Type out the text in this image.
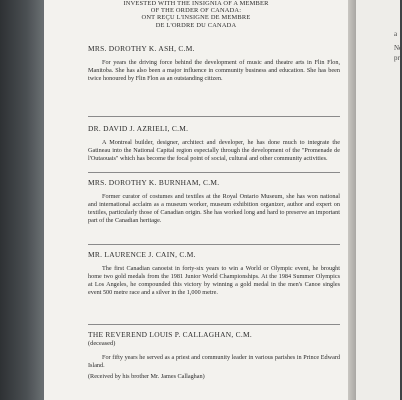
INVESTED WITH THE INSIGNIA OF A MEMBER
OF THE ORDER OF CANADA:
ONT REÇU L'INSIGNE DE MEMBRE
DE L'ORDRE DU CANADA
MRS. DOROTHY K. ASH, C.M.
For years the driving force behind the development of music and theatre arts in Flin Flon, Manitoba. She has also been a major influence in community business and education. She has been twice honoured by Flin Flon as an outstanding citizen.
DR. DAVID J. AZRIELI, C.M.
A Montreal builder, designer, architect and developer, he has done much to integrate the Gatineau into the National Capital region especially through the development of the "Promenade de l'Outaouais" which has become the focal point of social, cultural and other community activities.
MRS. DOROTHY K. BURNHAM, C.M.
Former curator of costumes and textiles at the Royal Ontario Museum, she has won national and international acclaim as a museum worker, museum exhibition organizer, author and expert on textiles, particularly those of Canadian origin. She has worked long and hard to preserve an important part of the Canadian heritage.
MR. LAURENCE J. CAIN, C.M.
The first Canadian canoeist in forty-six years to win a World or Olympic event, he brought home two gold medals from the 1981 Junior World Championships. At the 1984 Summer Olympics at Los Angeles, he compounded this victory by winning a gold medal in the men's Canoe singles event 500 metre race and a silver in the 1,000 metre.
THE REVEREND LOUIS P. CALLAGHAN, C.M.
(deceased)
For fifty years he served as a priest and community leader in various parishes in Prince Edward Island.
(Received by his brother Mr. James Callaghan)
a
Ne
pr
